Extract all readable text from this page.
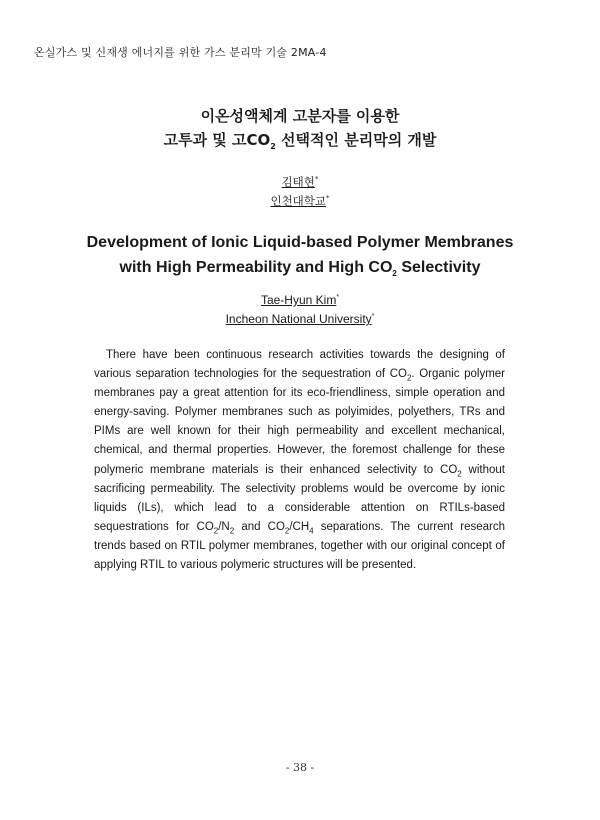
온실가스 및 신재생 에너지를 위한 가스 분리막 기술 2MA-4
이온성액체계 고분자를 이용한
고투과 및 고$CO_2$ 선택적인 분리막의 개발
김태현*
인천대학교*
Development of Ionic Liquid-based Polymer Membranes
with High Permeability and High $CO_2$ Selectivity
Tae-Hyun Kim*
Incheon National University*
There have been continuous research activities towards the designing of various separation technologies for the sequestration of $CO_2$. Organic polymer membranes pay a great attention for its eco-friendliness, simple operation and energy-saving. Polymer membranes such as polyimides, polyethers, TRs and PIMs are well known for their high permeability and excellent mechanical, chemical, and thermal properties. However, the foremost challenge for these polymeric membrane materials is their enhanced selectivity to $CO_2$ without sacrificing permeability. The selectivity problems would be overcome by ionic liquids (ILs), which lead to a considerable attention on RTILs-based sequestrations for $CO_2/N_2$ and $CO_2/CH_4$ separations. The current research trends based on RTIL polymer membranes, together with our original concept of applying RTIL to various polymeric structures will be presented.
- 38 -
